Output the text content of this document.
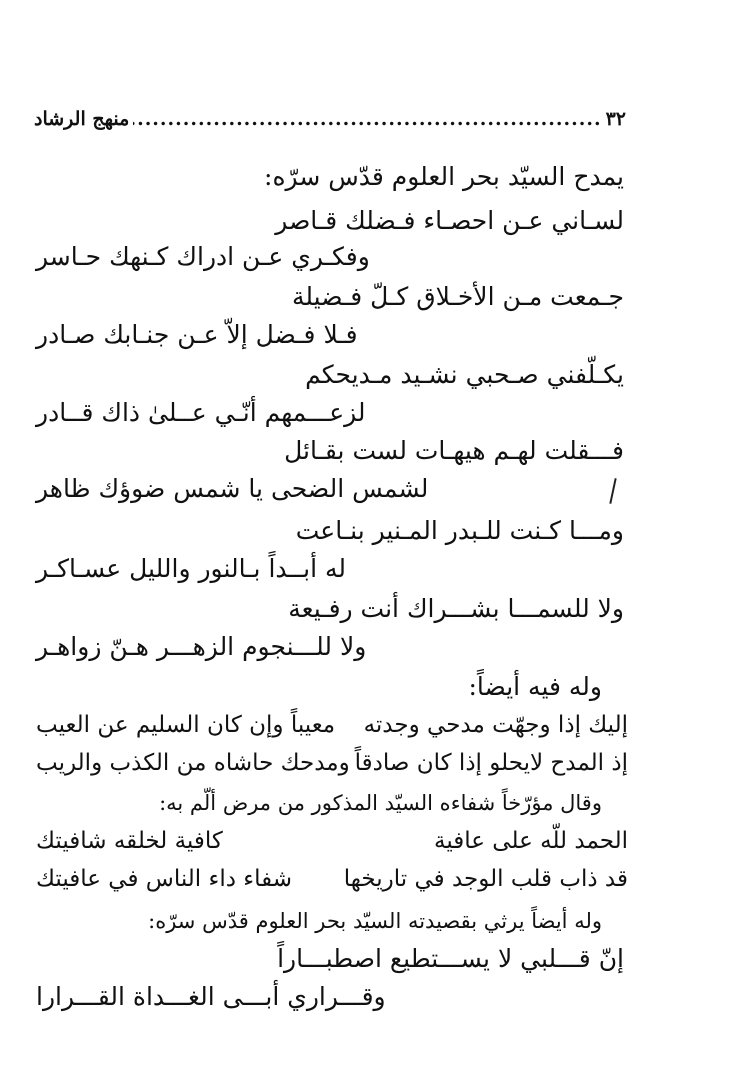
٣٢
.....
منهج الرشاد
يمدح السيّد بحر العلوم قدّس سرّه:
لسـاني عـن احصـاء فـضلك قـاصر
وفكـري عـن ادراك كـنهك حـاسر
جـمعت مـن الأخـلاق كـلّ فـضيلة
فـلا فـضل إلاّ عـن جنـابك صـادر
يكـلّفني صـحبي نشـيد مـديحكم
لزعـــمهم أنّـي عــلىٰ ذاك قــادر
فـــقلت لهـم هيهـات لست بقـائل
لشمس الضحى يا شمس ضوؤك ظاهر
ومـــا كـنت للـبدر المـنير بنـاعت
له أبــداً بـالنور والليل عسـاكـر
ولا للسمـــا بشـــراك أنت رفـيعة
ولا للـــنجوم الزهـــر هـنّ زواهـر
وله فيه أيضاً:
إليك إذا وجهّت مدحي وجدته
معيباً وإن كان السليم عن العيب
إذ المدح لايحلو إذا كان صادقاً
ومدحك حاشاه من الكذب والريب
وقال مؤرّخاً شفاءه السيّد المذكور من مرض ألّم به:
الحمد للّه على عافية
كافية لخلقه شافيتك
قد ذاب قلب الوجد في تاريخها
شفاء داء الناس في عافيتك
وله أيضاً يرثي بقصيدته السيّد بحر العلوم قدّس سرّه:
إنّ قـــلبي لا يســـتطيع اصطبـــاراً
وقـــراري أبـــى الغـــداة القـــرارا
